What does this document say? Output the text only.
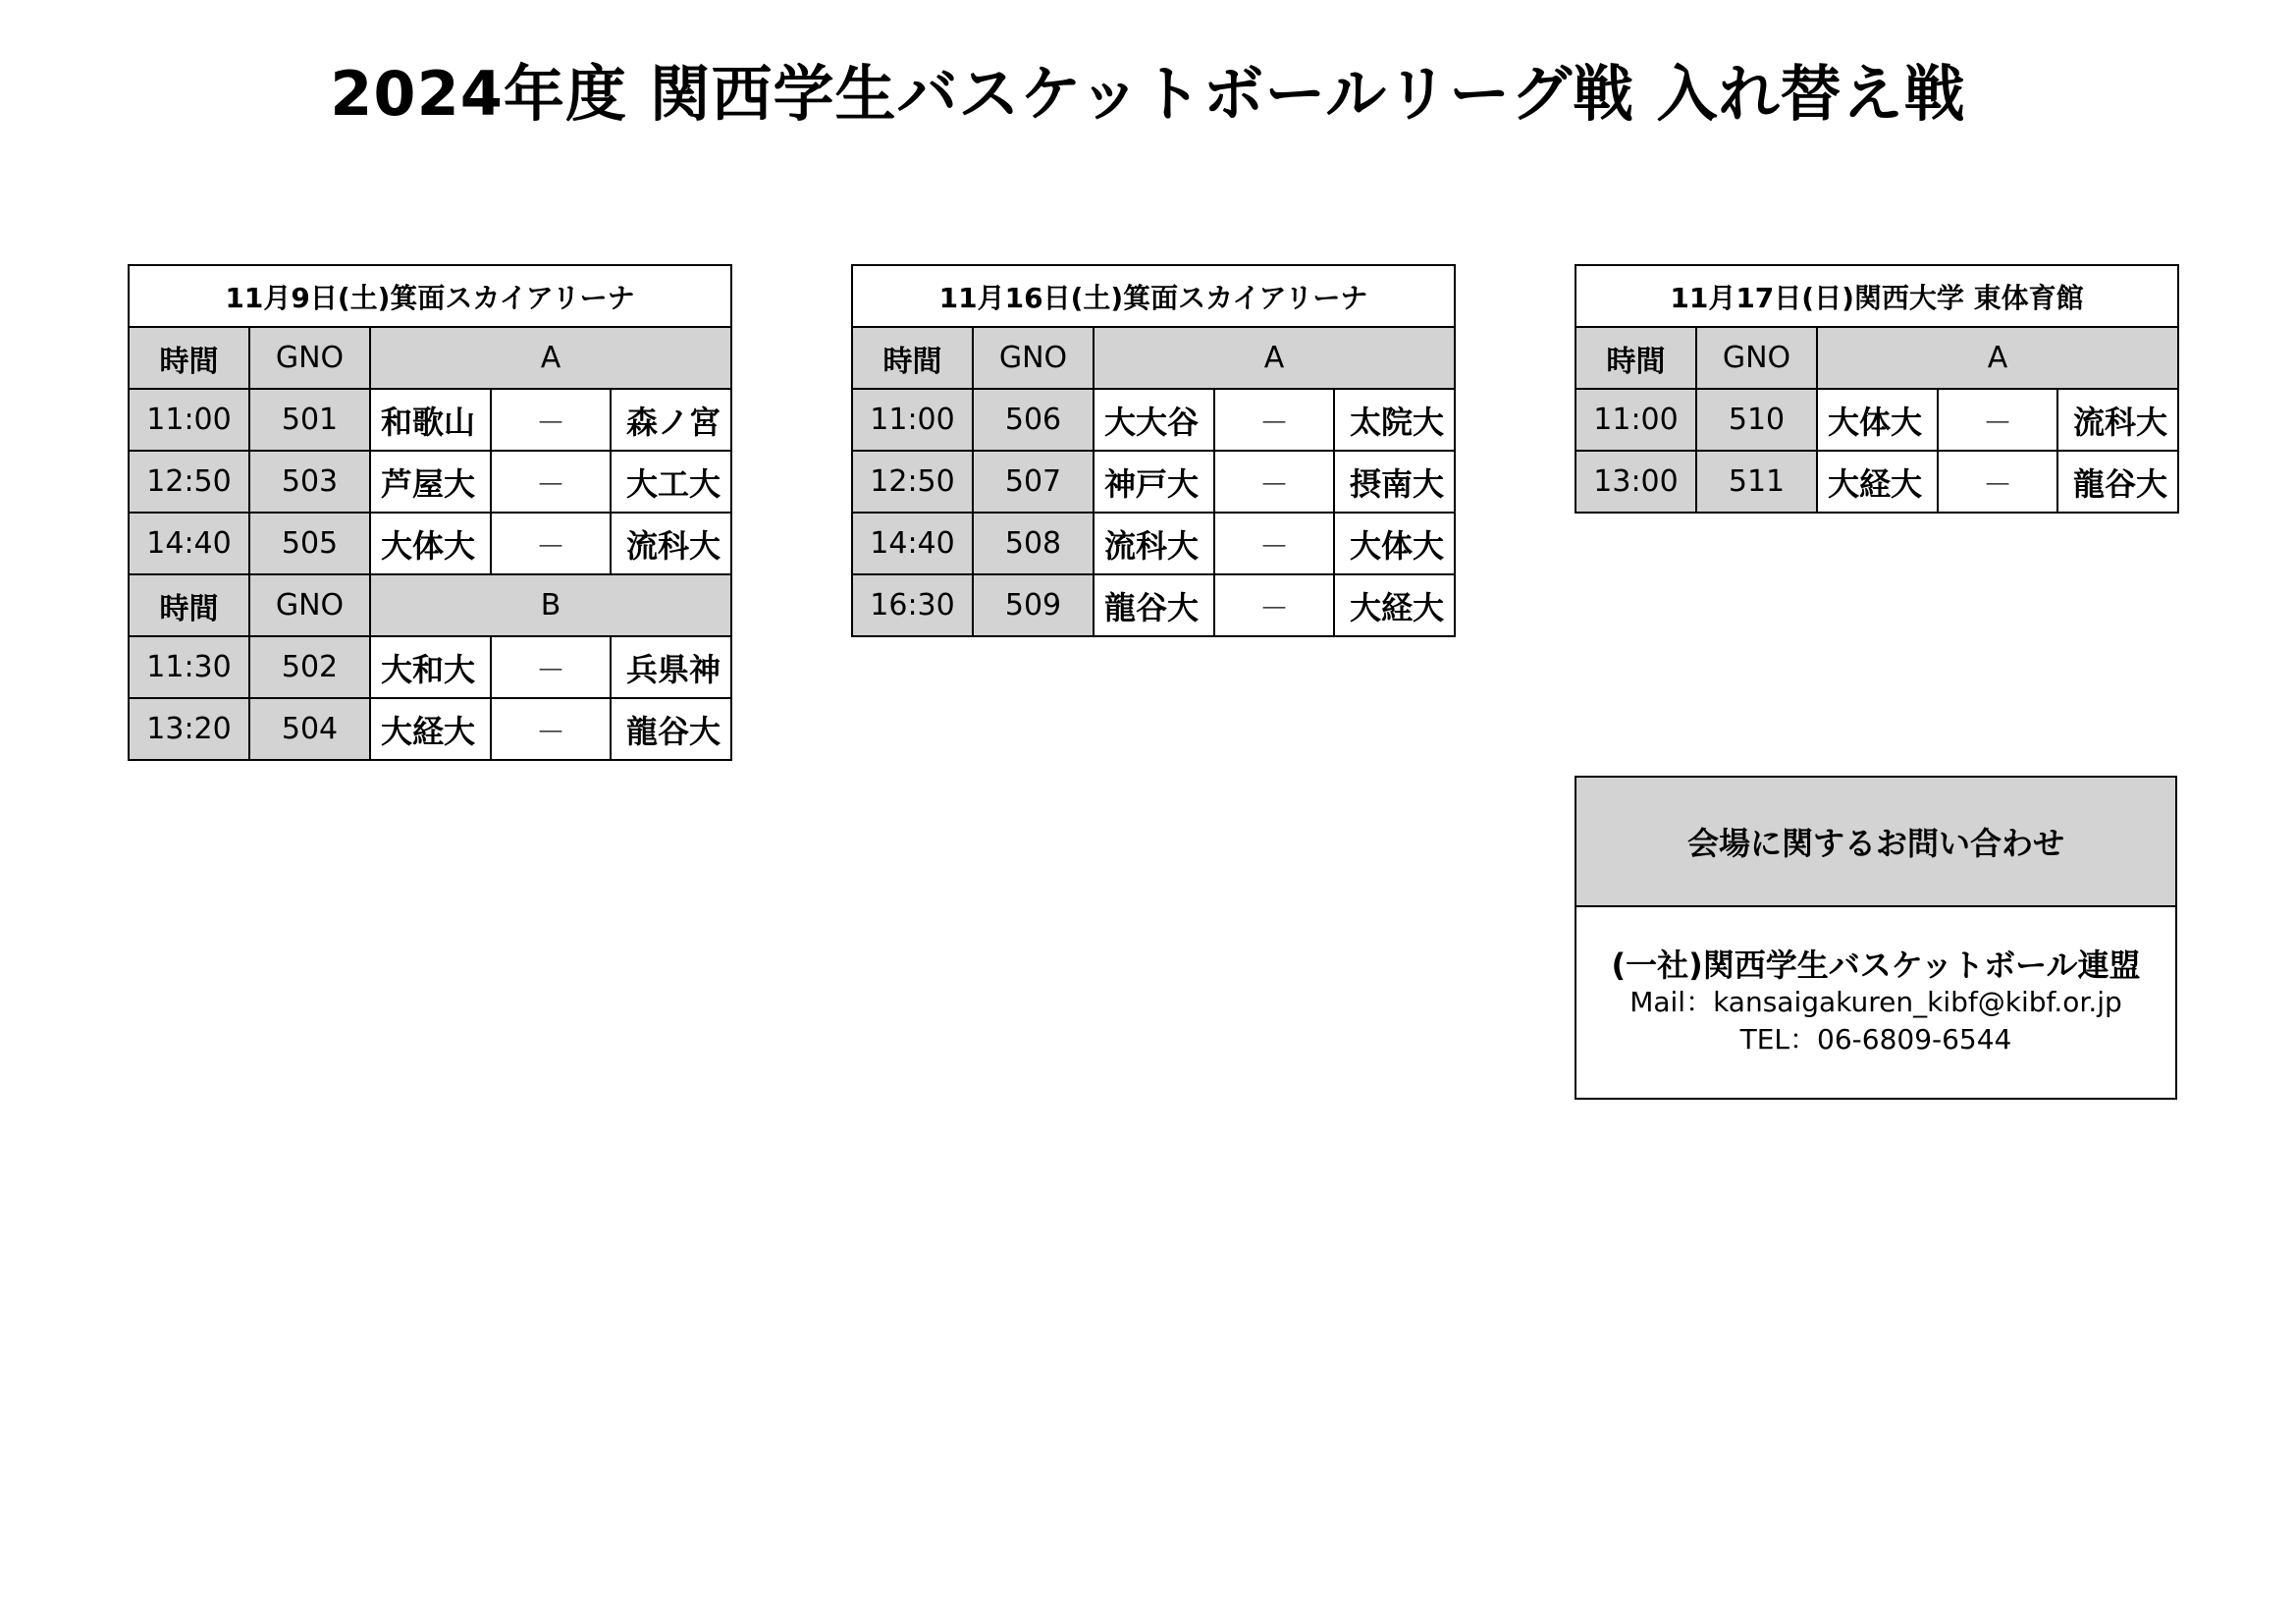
2024年度 関西学生バスケットボールリーグ戦 入れ替え戦
11月9日(土)箕面スカイアリーナ				
時間	GNO	A		
11:00	501	和歌山	－	森ノ宮
12:50	503	芦屋大	－	大工大
14:40	505	大体大	－	流科大
時間	GNO	B		
11:30	502	大和大	－	兵県神
13:20	504	大経大	－	龍谷大
11月16日(土)箕面スカイアリーナ				
時間	GNO	A		
11:00	506	大大谷	－	太院大
12:50	507	神戸大	－	摂南大
14:40	508	流科大	－	大体大
16:30	509	龍谷大	－	大経大
11月17日(日)関西大学 東体育館				
時間	GNO	A		
11:00	510	大体大	－	流科大
13:00	511	大経大	－	龍谷大
会場に関するお問い合わせ
(一社)関西学生バスケットボール連盟
Mail：kansaigakuren_kibf@kibf.or.jp
TEL：06-6809-6544
